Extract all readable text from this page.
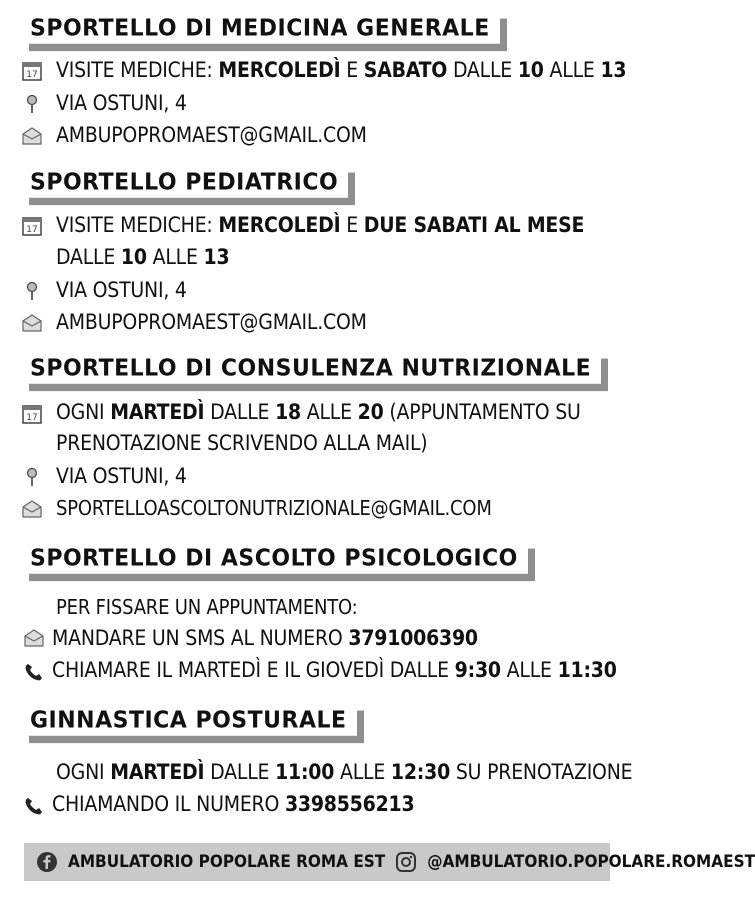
SPORTELLO DI MEDICINA GENERALE
VISITE MEDICHE: MERCOLEDÌ E SABATO DALLE 10 ALLE 13
VIA OSTUNI, 4
AMBUPOPROMAEST@GMAIL.COM
SPORTELLO PEDIATRICO
VISITE MEDICHE: MERCOLEDÌ E DUE SABATI AL MESE
DALLE 10 ALLE 13
VIA OSTUNI, 4
AMBUPOPROMAEST@GMAIL.COM
SPORTELLO DI CONSULENZA NUTRIZIONALE
OGNI MARTEDÌ DALLE 18 ALLE 20 (APPUNTAMENTO SU
PRENOTAZIONE SCRIVENDO ALLA MAIL)
VIA OSTUNI, 4
SPORTELLOASCOLTONUTRIZIONALE@GMAIL.COM
SPORTELLO DI ASCOLTO PSICOLOGICO
PER FISSARE UN APPUNTAMENTO:
MANDARE UN SMS AL NUMERO 3791006390
CHIAMARE IL MARTEDÌ E IL GIOVEDÌ DALLE 9:30 ALLE 11:30
GINNASTICA POSTURALE
OGNI MARTEDÌ DALLE 11:00 ALLE 12:30 SU PRENOTAZIONE
CHIAMANDO IL NUMERO 3398556213
AMBULATORIO POPOLARE ROMA EST @AMBULATORIO.POPOLARE.ROMAEST
